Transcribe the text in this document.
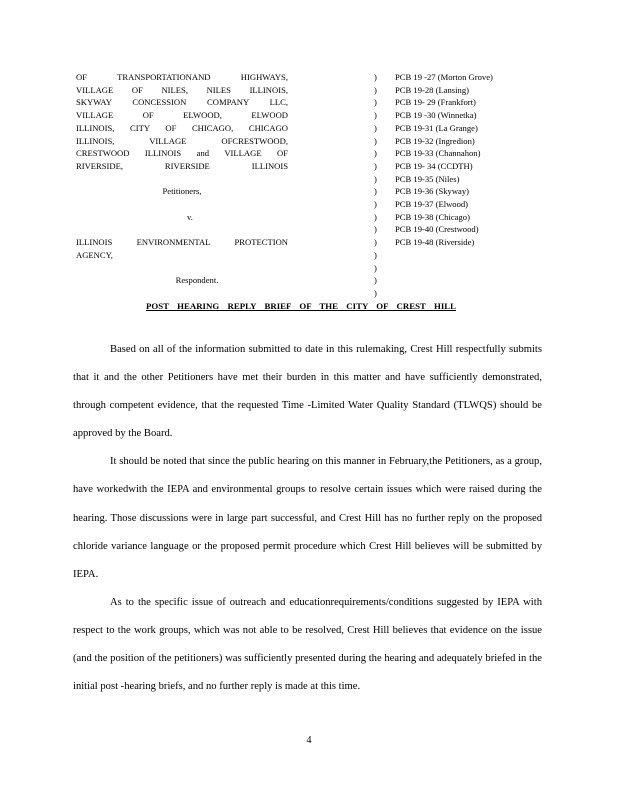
OF TRANSPORTATIONAND HIGHWAYS,
VILLAGE OF NILES, NILES ILLINOIS,
SKYWAY CONCESSION COMPANY LLC,
VILLAGE OF ELWOOD, ELWOOD
ILLINOIS, CITY OF CHICAGO, CHICAGO
ILLINOIS, VILLAGE OFCRESTWOOD,
CRESTWOOD ILLINOIS and VILLAGE OF
RIVERSIDE, RIVERSIDE ILLINOIS
Petitioners,
v.
ILLINOIS ENVIRONMENTAL PROTECTION
AGENCY,
Respondent.
)
)
)
)
)
)
)
)
)
)
)
)
)
)
)
)
)
)
PCB 19 -27 (Morton Grove)
PCB 19-28 (Lansing)
PCB 19- 29 (Frankfort)
PCB 19 -30 (Winnetka)
PCB 19-31 (La Grange)
PCB 19-32 (Ingredion)
PCB 19-33 (Channahon)
PCB 19- 34 (CCDTH)
PCB 19-35 (Niles)
PCB 19-36 (Skyway)
PCB 19-37 (Elwood)
PCB 19-38 (Chicago)
PCB 19-40 (Crestwood)
PCB 19-48 (Riverside)
POST HEARING REPLY BRIEF OF THE CITY OF CREST HILL

Based on all of the information submitted to date in this rulemaking, Crest Hill respectfully submits that it and the other Petitioners have met their burden in this matter and have sufficiently demonstrated, through competent evidence, that the requested Time -Limited Water Quality Standard (TLWQS) should be approved by the Board.

It should be noted that since the public hearing on this manner in February,the Petitioners, as a group, have workedwith the IEPA and environmental groups to resolve certain issues which were raised during the hearing. Those discussions were in large part successful, and Crest Hill has no further reply on the proposed chloride variance language or the proposed permit procedure which Crest Hill believes will be submitted by IEPA.

As to the specific issue of outreach and educationrequirements/conditions suggested by IEPA with respect to the work groups, which was not able to be resolved, Crest Hill believes that evidence on the issue (and the position of the petitioners) was sufficiently presented during the hearing and adequately briefed in the initial post -hearing briefs, and no further reply is made at this time.

4
